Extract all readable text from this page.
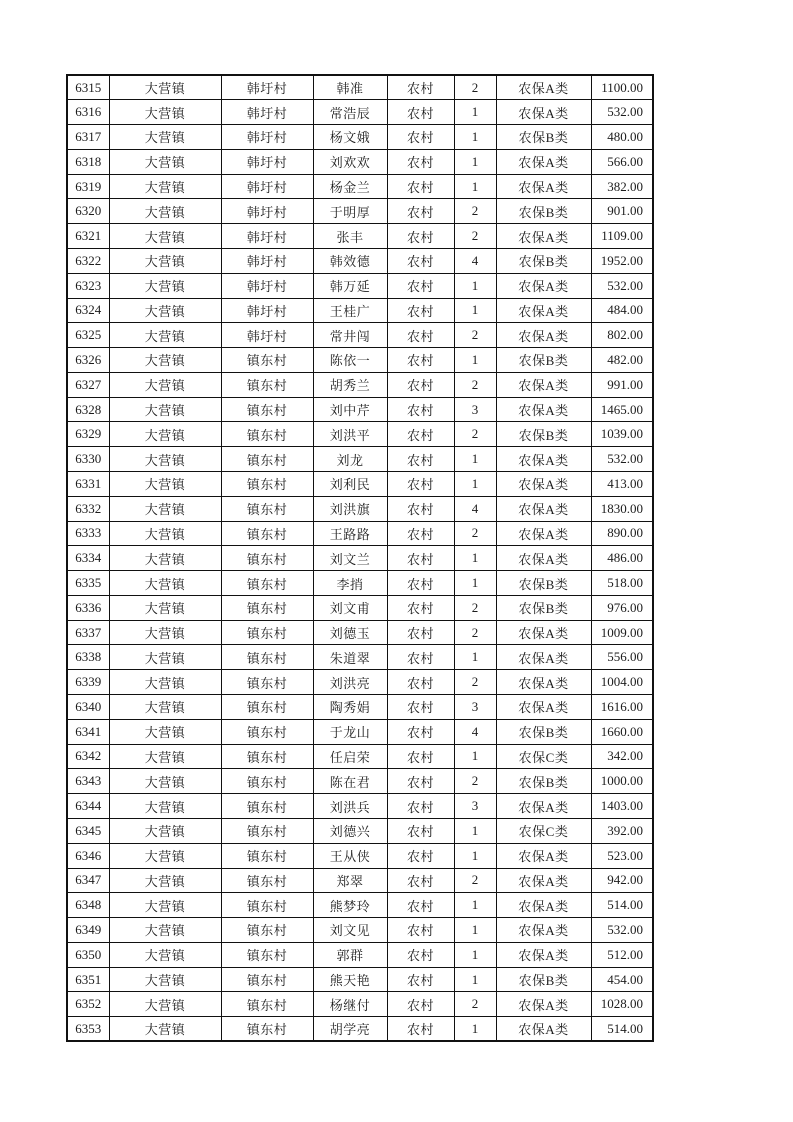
6315	大营镇	韩圩村	韩准	农村	2	农保A类	1100.00
6316	大营镇	韩圩村	常浩辰	农村	1	农保A类	532.00
6317	大营镇	韩圩村	杨文娥	农村	1	农保B类	480.00
6318	大营镇	韩圩村	刘欢欢	农村	1	农保A类	566.00
6319	大营镇	韩圩村	杨金兰	农村	1	农保A类	382.00
6320	大营镇	韩圩村	于明厚	农村	2	农保B类	901.00
6321	大营镇	韩圩村	张丰	农村	2	农保A类	1109.00
6322	大营镇	韩圩村	韩效德	农村	4	农保B类	1952.00
6323	大营镇	韩圩村	韩万延	农村	1	农保A类	532.00
6324	大营镇	韩圩村	王桂广	农村	1	农保A类	484.00
6325	大营镇	韩圩村	常井闯	农村	2	农保A类	802.00
6326	大营镇	镇东村	陈依一	农村	1	农保B类	482.00
6327	大营镇	镇东村	胡秀兰	农村	2	农保A类	991.00
6328	大营镇	镇东村	刘中芹	农村	3	农保A类	1465.00
6329	大营镇	镇东村	刘洪平	农村	2	农保B类	1039.00
6330	大营镇	镇东村	刘龙	农村	1	农保A类	532.00
6331	大营镇	镇东村	刘利民	农村	1	农保A类	413.00
6332	大营镇	镇东村	刘洪旗	农村	4	农保A类	1830.00
6333	大营镇	镇东村	王路路	农村	2	农保A类	890.00
6334	大营镇	镇东村	刘文兰	农村	1	农保A类	486.00
6335	大营镇	镇东村	李捎	农村	1	农保B类	518.00
6336	大营镇	镇东村	刘文甫	农村	2	农保B类	976.00
6337	大营镇	镇东村	刘德玉	农村	2	农保A类	1009.00
6338	大营镇	镇东村	朱道翠	农村	1	农保A类	556.00
6339	大营镇	镇东村	刘洪亮	农村	2	农保A类	1004.00
6340	大营镇	镇东村	陶秀娟	农村	3	农保A类	1616.00
6341	大营镇	镇东村	于龙山	农村	4	农保B类	1660.00
6342	大营镇	镇东村	任启荣	农村	1	农保C类	342.00
6343	大营镇	镇东村	陈在君	农村	2	农保B类	1000.00
6344	大营镇	镇东村	刘洪兵	农村	3	农保A类	1403.00
6345	大营镇	镇东村	刘德兴	农村	1	农保C类	392.00
6346	大营镇	镇东村	王从侠	农村	1	农保A类	523.00
6347	大营镇	镇东村	郑翠	农村	2	农保A类	942.00
6348	大营镇	镇东村	熊梦玲	农村	1	农保A类	514.00
6349	大营镇	镇东村	刘文见	农村	1	农保A类	532.00
6350	大营镇	镇东村	郭群	农村	1	农保A类	512.00
6351	大营镇	镇东村	熊天艳	农村	1	农保B类	454.00
6352	大营镇	镇东村	杨继付	农村	2	农保A类	1028.00
6353	大营镇	镇东村	胡学亮	农村	1	农保A类	514.00
